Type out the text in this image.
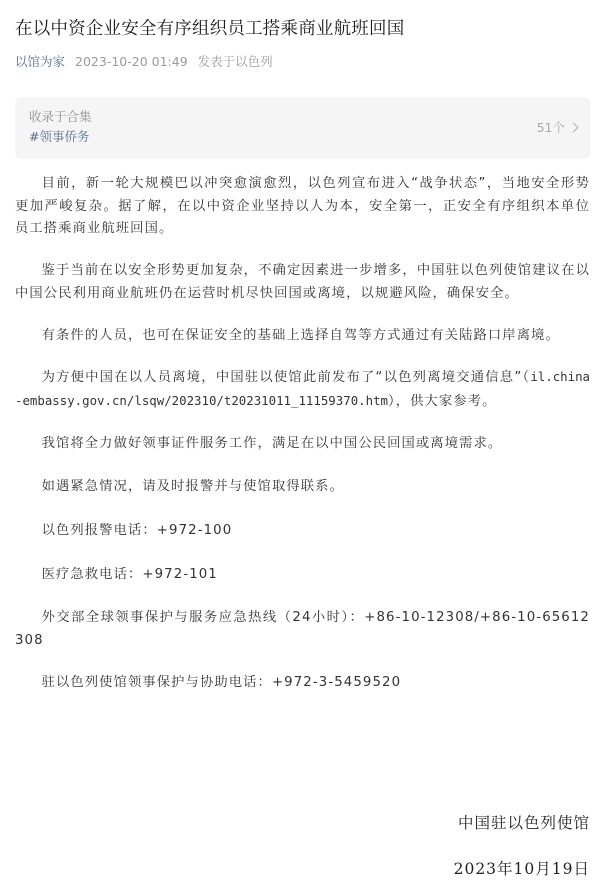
在以中资企业安全有序组织员工搭乘商业航班回国
以馆为家 2023-10-20 01:49 发表于以色列
收录于合集
#领事侨务
51个

目前，新一轮大规模巴以冲突愈演愈烈，以色列宣布进入“战争状态”，当地安全形势更加严峻复杂。据了解，在以中资企业坚持以人为本，安全第一，正安全有序组织本单位员工搭乘商业航班回国。

鉴于当前在以安全形势更加复杂，不确定因素进一步增多，中国驻以色列使馆建议在以中国公民利用商业航班仍在运营时机尽快回国或离境，以规避风险，确保安全。

有条件的人员，也可在保证安全的基础上选择自驾等方式通过有关陆路口岸离境。

为方便中国在以人员离境，中国驻以使馆此前发布了“以色列离境交通信息”（il.china-embassy.gov.cn/lsqw/202310/t20231011_11159370.htm），供大家参考。

我馆将全力做好领事证件服务工作，满足在以中国公民回国或离境需求。

如遇紧急情况，请及时报警并与使馆取得联系。

以色列报警电话：+972-100

医疗急救电话：+972-101

外交部全球领事保护与服务应急热线（24小时）：+86-10-12308/+86-10-65612308

驻以色列使馆领事保护与协助电话：+972-3-5459520

中国驻以色列使馆

2023年10月19日
